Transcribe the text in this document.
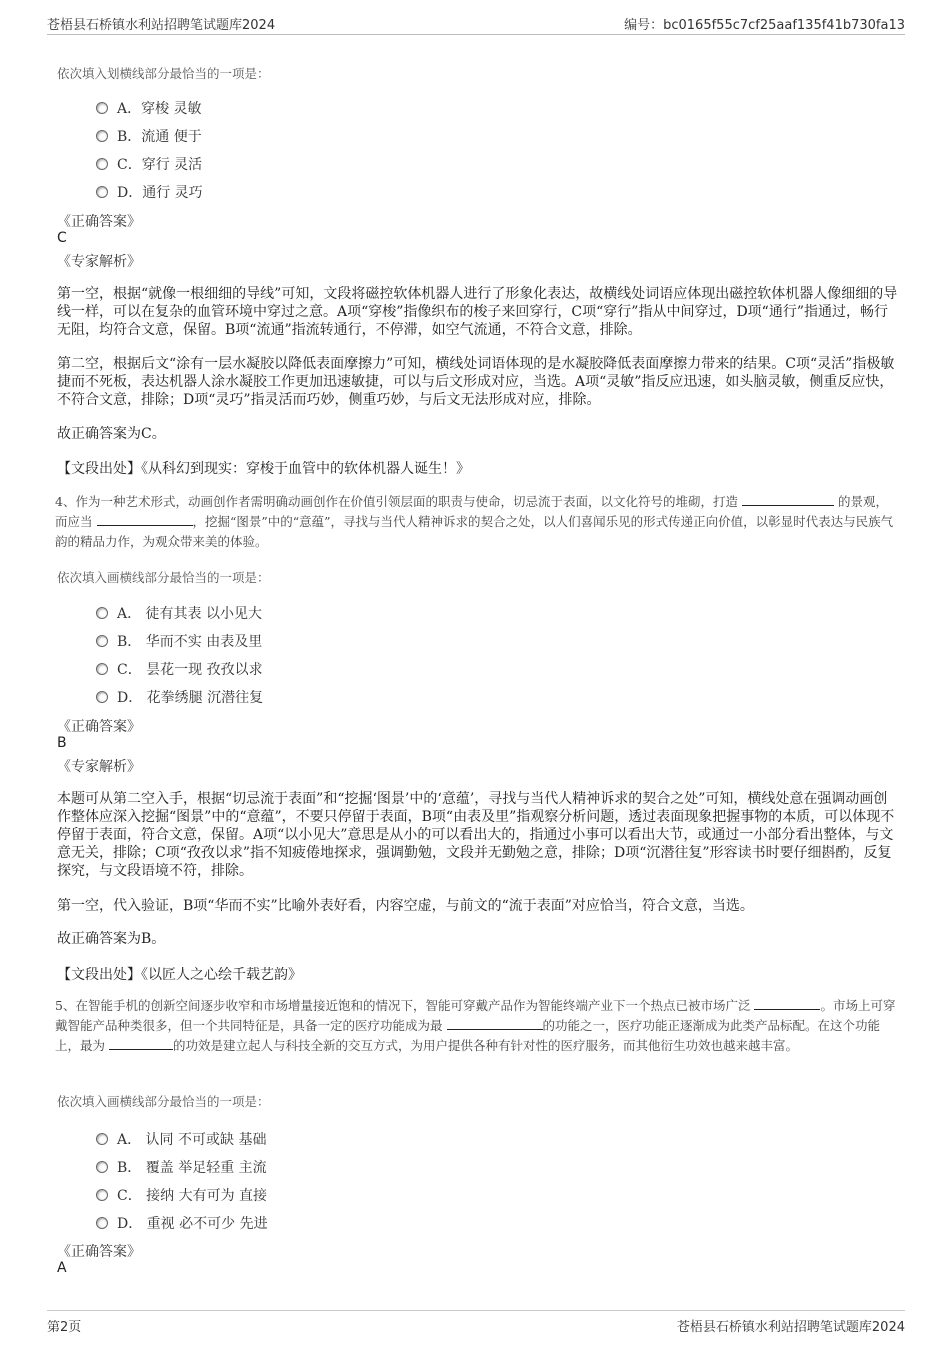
苍梧县石桥镇水利站招聘笔试题库2024	编号：bc0165f55c7cf25aaf135f41b730fa13
依次填入划横线部分最恰当的一项是：
A．穿梭 灵敏
B．流通 便于
C．穿行 灵活
D．通行 灵巧
《正确答案》
C
《专家解析》
第一空，根据“就像一根细细的导线”可知，文段将磁控软体机器人进行了形象化表达，故横线处词语应体现出磁控软体机器人像细细的导线一样，可以在复杂的血管环境中穿过之意。A项“穿梭”指像织布的梭子来回穿行，C项“穿行”指从中间穿过，D项“通行”指通过，畅行无阻，均符合文意，保留。B项“流通”指流转通行，不停滞，如空气流通，不符合文意，排除。
第二空，根据后文“涂有一层水凝胶以降低表面摩擦力”可知，横线处词语体现的是水凝胶降低表面摩擦力带来的结果。C项“灵活”指极敏捷而不死板，表达机器人涂水凝胶工作更加迅速敏捷，可以与后文形成对应，当选。A项“灵敏”指反应迅速，如头脑灵敏，侧重反应快，不符合文意，排除；D项“灵巧”指灵活而巧妙，侧重巧妙，与后文无法形成对应，排除。
故正确答案为C。
【文段出处】《从科幻到现实：穿梭于血管中的软体机器人诞生！》
4、作为一种艺术形式，动画创作者需明确动画创作在价值引领层面的职责与使命，切忌流于表面，以文化符号的堆砌，打造	的景观，而应当	，挖掘“图景”中的“意蕴”，寻找与当代人精神诉求的契合之处，以人们喜闻乐见的形式传递正向价值，以彰显时代表达与民族气韵的精品力作，为观众带来美的体验。
依次填入画横线部分最恰当的一项是：
A． 徒有其表 以小见大
B． 华而不实 由表及里
C． 昙花一现 孜孜以求
D． 花拳绣腿 沉潜往复
《正确答案》
B
《专家解析》
本题可从第二空入手，根据“切忌流于表面”和“挖掘‘图景’中的‘意蕴’，寻找与当代人精神诉求的契合之处”可知，横线处意在强调动画创作整体应深入挖掘“图景”中的“意蕴”，不要只停留于表面，B项“由表及里”指观察分析问题，透过表面现象把握事物的本质，可以体现不停留于表面，符合文意，保留。A项“以小见大”意思是从小的可以看出大的，指通过小事可以看出大节，或通过一小部分看出整体，与文意无关，排除；C项“孜孜以求”指不知疲倦地探求，强调勤勉，文段并无勤勉之意，排除；D项“沉潜往复”形容读书时要仔细斟酌，反复探究，与文段语境不符，排除。
第一空，代入验证，B项“华而不实”比喻外表好看，内容空虚，与前文的“流于表面”对应恰当，符合文意，当选。
故正确答案为B。
【文段出处】《以匠人之心绘千载艺韵》
5、在智能手机的创新空间逐步收窄和市场增量接近饱和的情况下，智能可穿戴产品作为智能终端产业下一个热点已被市场广泛	。市场上可穿戴智能产品种类很多，但一个共同特征是，具备一定的医疗功能成为最	的功能之一，医疗功能正逐渐成为此类产品标配。在这个功能上，最为	的功效是建立起人与科技全新的交互方式，为用户提供各种有针对性的医疗服务，而其他衍生功效也越来越丰富。
依次填入画横线部分最恰当的一项是：
A． 认同 不可或缺 基础
B． 覆盖 举足轻重 主流
C． 接纳 大有可为 直接
D． 重视 必不可少 先进
《正确答案》
A
第2页	苍梧县石桥镇水利站招聘笔试题库2024
